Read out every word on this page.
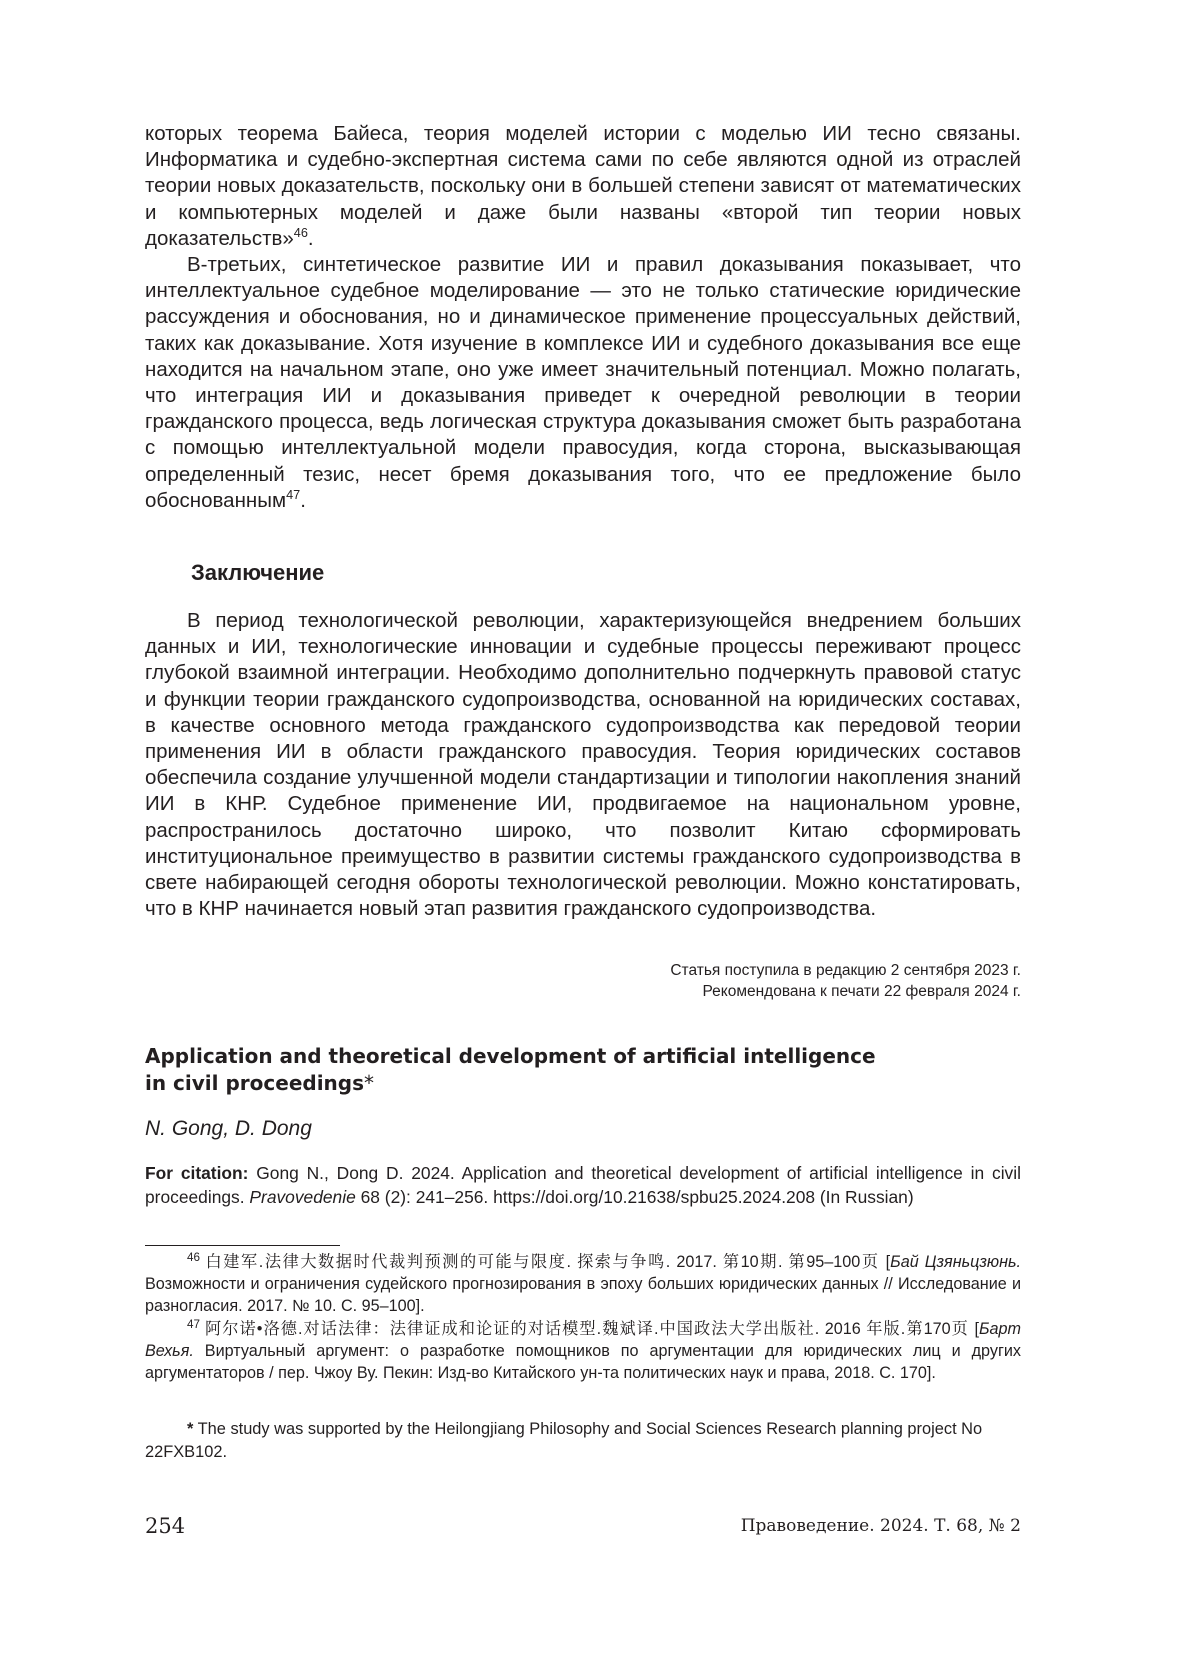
которых теорема Байеса, теория моделей истории с моделью ИИ тесно связаны. Информатика и судебно-экспертная система сами по себе являются одной из отраслей теории новых доказательств, поскольку они в большей степени зависят от математических и компьютерных моделей и даже были названы «второй тип теории новых доказательств»$^{46}$.

В-третьих, синтетическое развитие ИИ и правил доказывания показывает, что интеллектуальное судебное моделирование — это не только статические юридические рассуждения и обоснования, но и динамическое применение процессуальных действий, таких как доказывание. Хотя изучение в комплексе ИИ и судебного доказывания все еще находится на начальном этапе, оно уже имеет значительный потенциал. Можно полагать, что интеграция ИИ и доказывания приведет к очередной революции в теории гражданского процесса, ведь логическая структура доказывания сможет быть разработана с помощью интеллектуальной модели правосудия, когда сторона, высказывающая определенный тезис, несет бремя доказывания того, что ее предложение было обоснованным$^{47}$.

Заключение

В период технологической революции, характеризующейся внедрением больших данных и ИИ, технологические инновации и судебные процессы переживают процесс глубокой взаимной интеграции. Необходимо дополнительно подчеркнуть правовой статус и функции теории гражданского судопроизводства, основанной на юридических составах, в качестве основного метода гражданского судопроизводства как передовой теории применения ИИ в области гражданского правосудия. Теория юридических составов обеспечила создание улучшенной модели стандартизации и типологии накопления знаний ИИ в КНР. Судебное применение ИИ, продвигаемое на национальном уровне, распространилось достаточно широко, что позволит Китаю сформировать институциональное преимущество в развитии системы гражданского судопроизводства в свете набирающей сегодня обороты технологической революции. Можно констатировать, что в КНР начинается новый этап развития гражданского судопроизводства.

Статья поступила в редакцию 2 сентября 2023 г.
Рекомендована к печати 22 февраля 2024 г.
Application and theoretical development of artificial intelligence
in civil proceedings*
N. Gong, D. Dong
For citation: Gong N., Dong D. 2024. Application and theoretical development of artificial intelligence in civil proceedings. Pravovedenie 68 (2): 241–256. https://doi.org/10.21638/spbu25.2024.208 (In Russian)

$^{46}$ 白建军.法律大数据时代裁判预测的可能与限度. 探索与争鸣. 2017. 第10期. 第95–100页 [Бай Цзяньцзюнь. Возможности и ограничения судейского прогнозирования в эпоху больших юридических данных // Исследование и разногласия. 2017. № 10. С. 95–100].

$^{47}$ 阿尔诺•洛德.对话法律：法律证成和论证的对话模型.魏斌译.中国政法大学出版社. 2016 年版.第170页 [Барт Вехья. Виртуальный аргумент: о разработке помощников по аргументации для юридических лиц и других аргументаторов / пер. Чжоу Ву. Пекин: Изд-во Китайского ун-та политических наук и права, 2018. С. 170].

* The study was supported by the Heilongjiang Philosophy and Social Sciences Research planning project No 22FXB102.

254	Правоведение. 2024. Т. 68, № 2
